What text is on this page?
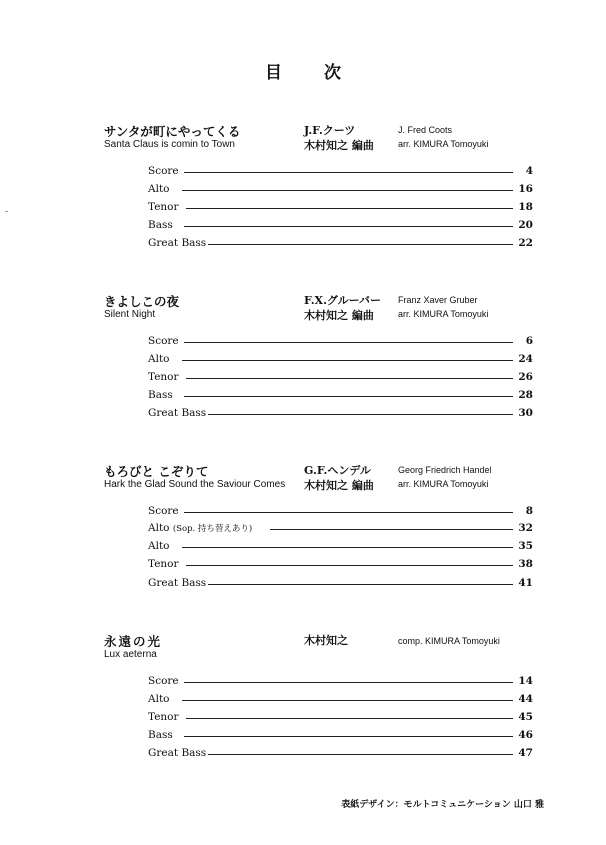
目 次
サンタが町にやってくる
Santa Claus is comin to Town
J.F.クーツ
木村知之 編曲
J. Fred Coots
arr. KIMURA Tomoyuki
Score	4
Alto	16
Tenor	18
Bass	20
Great Bass	22
きよしこの夜
Silent Night
F.X.グルーバー
木村知之 編曲
Franz Xaver Gruber
arr. KIMURA Tomoyuki
Score	6
Alto	24
Tenor	26
Bass	28
Great Bass	30
もろびと こぞりて
Hark the Glad Sound the Saviour Comes
G.F.ヘンデル
木村知之 編曲
Georg Friedrich Handel
arr. KIMURA Tomoyuki
Score	8
Alto (Sop. 持ち替えあり)	32
Alto	35
Tenor	38
Great Bass	41
永遠の光
Lux aeterna
木村知之	comp. KIMURA Tomoyuki
Score	14
Alto	44
Tenor	45
Bass	46
Great Bass	47
表紙デザイン：モルトコミュニケーション 山口 雅
